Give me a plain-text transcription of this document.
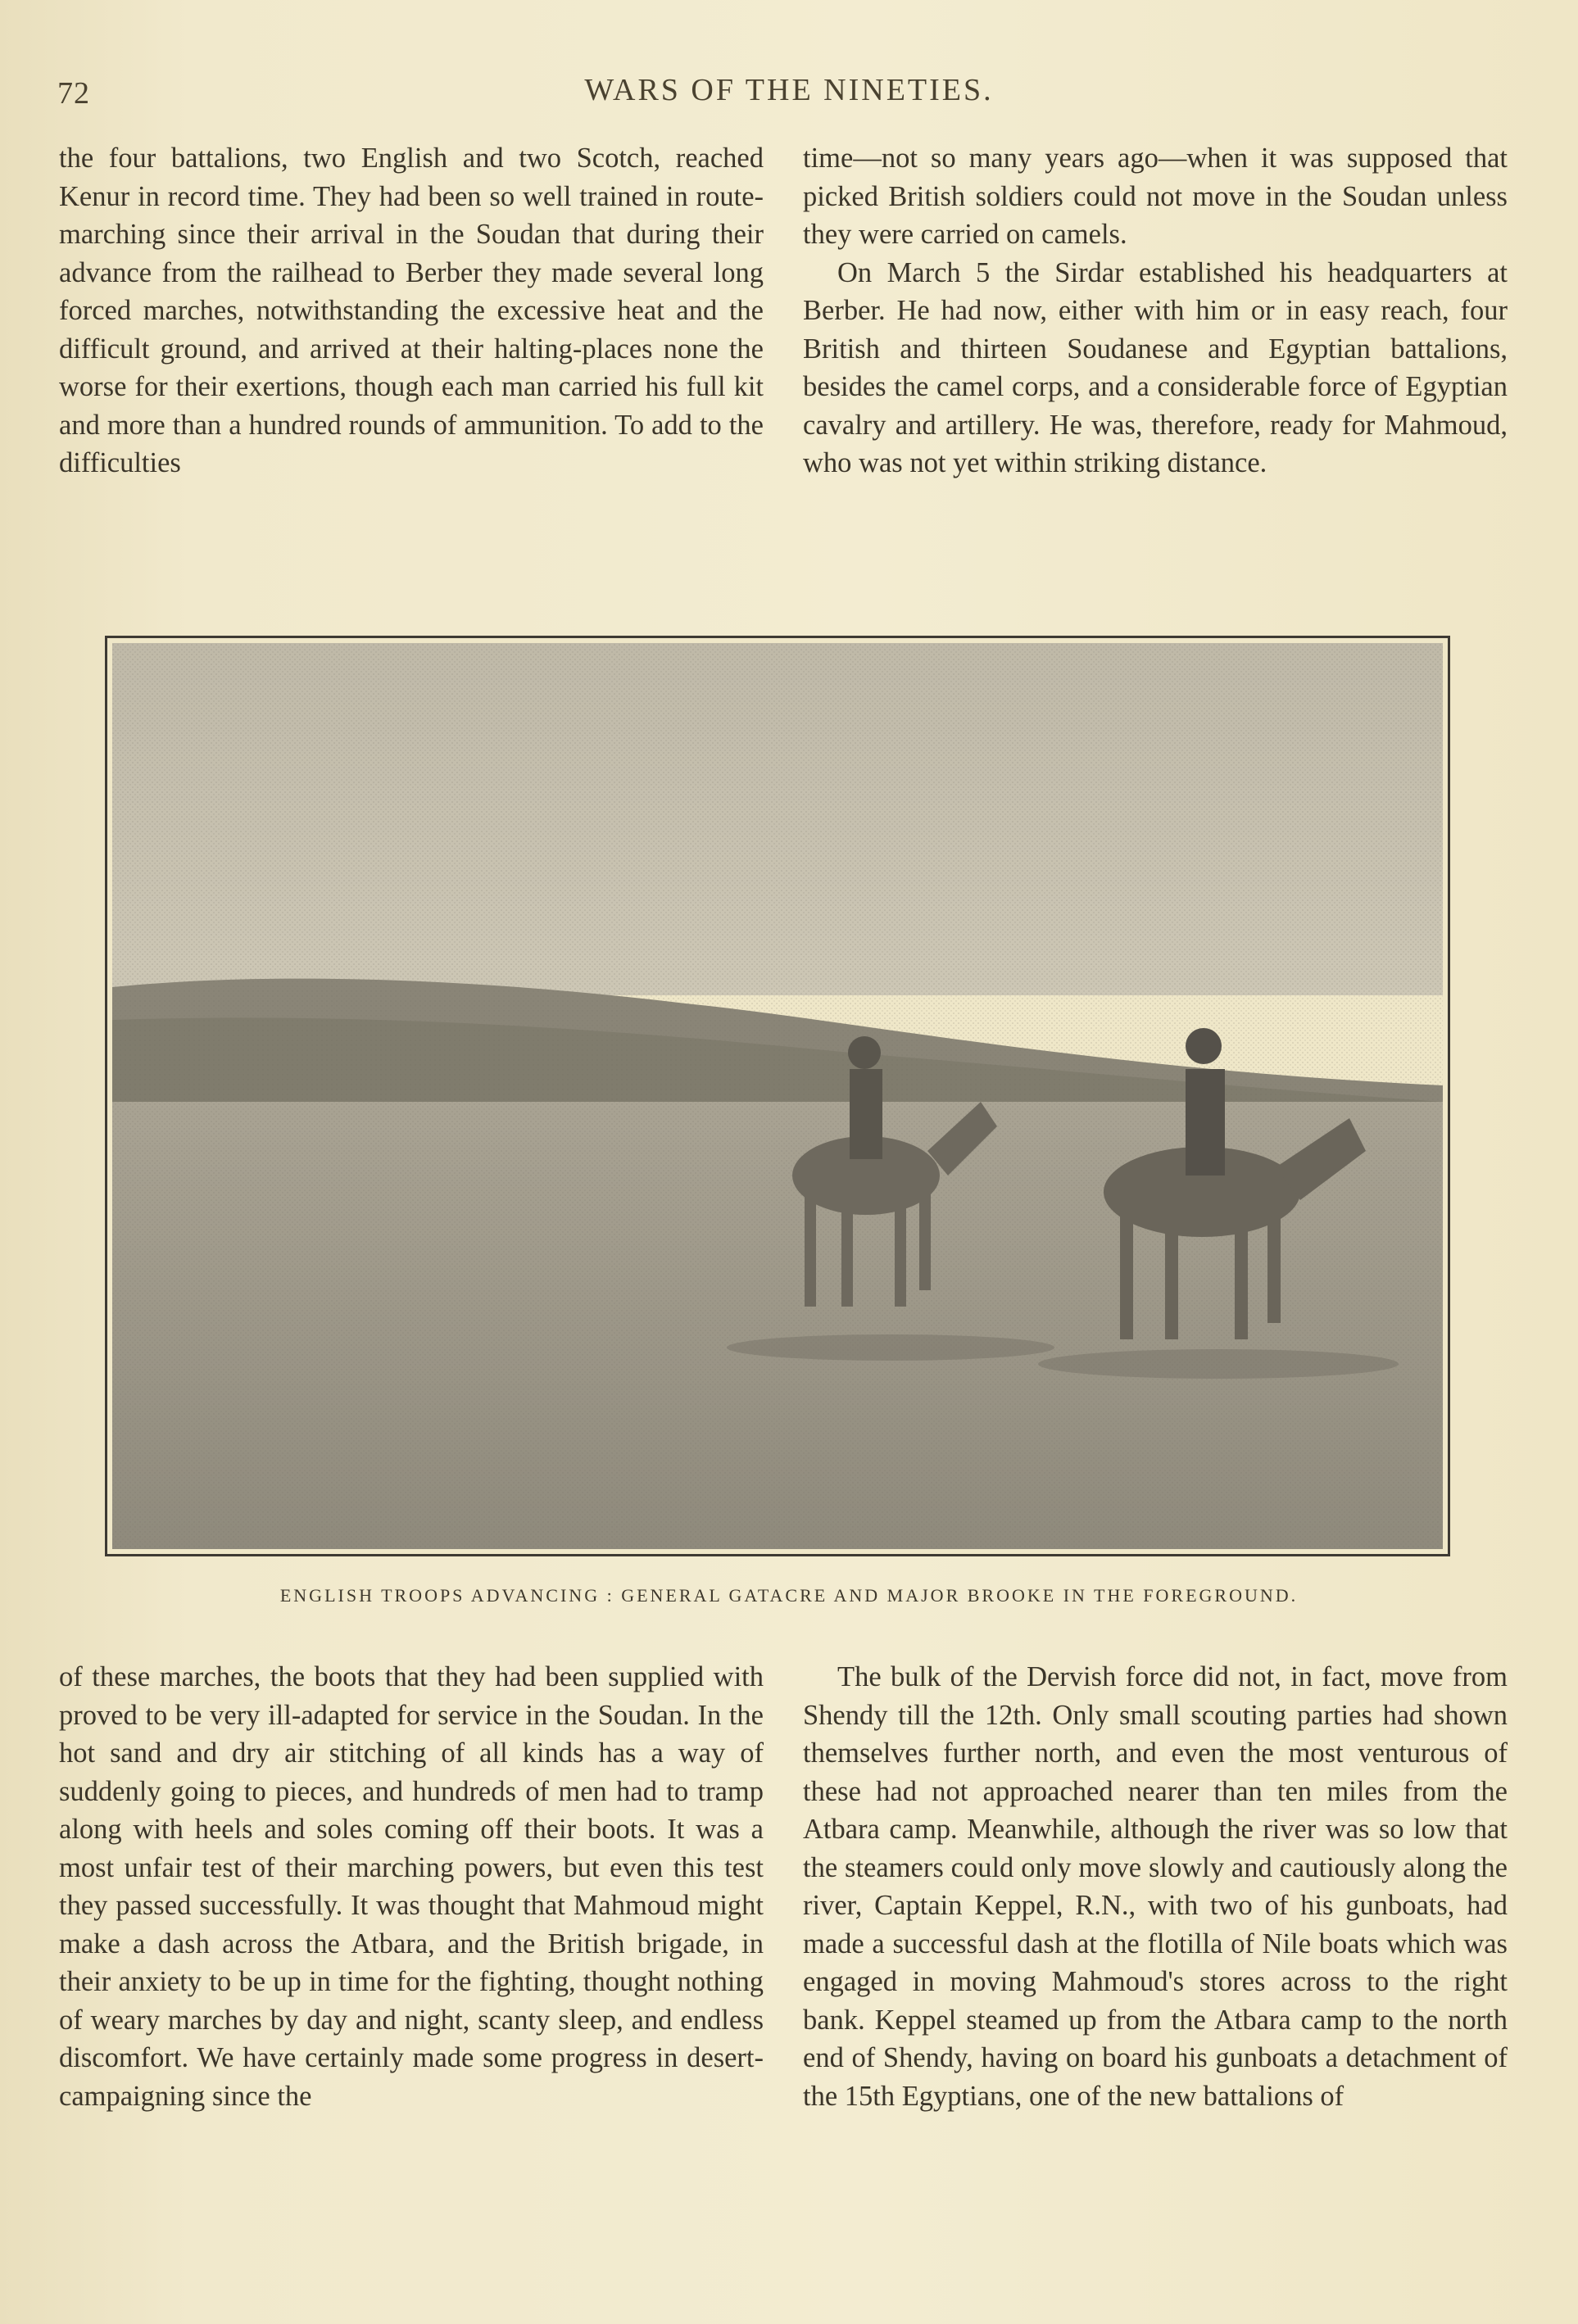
72	WARS OF THE NINETIES.

the four battalions, two English and two Scotch, reached Kenur in record time. They had been so well trained in route-marching since their arrival in the Soudan that during their advance from the railhead to Berber they made several long forced marches, notwithstanding the excessive heat and the difficult ground, and arrived at their halting-places none the worse for their exertions, though each man carried his full kit and more than a hundred rounds of ammunition. To add to the difficulties

time—not so many years ago—when it was supposed that picked British soldiers could not move in the Soudan unless they were carried on camels.

On March 5 the Sirdar established his headquarters at Berber. He had now, either with him or in easy reach, four British and thirteen Soudanese and Egyptian battalions, besides the camel corps, and a considerable force of Egyptian cavalry and artillery. He was, therefore, ready for Mahmoud, who was not yet within striking distance.

ENGLISH TROOPS ADVANCING : GENERAL GATACRE AND MAJOR BROOKE IN THE FOREGROUND.

of these marches, the boots that they had been supplied with proved to be very ill-adapted for service in the Soudan. In the hot sand and dry air stitching of all kinds has a way of suddenly going to pieces, and hundreds of men had to tramp along with heels and soles coming off their boots. It was a most unfair test of their marching powers, but even this test they passed successfully. It was thought that Mahmoud might make a dash across the Atbara, and the British brigade, in their anxiety to be up in time for the fighting, thought nothing of weary marches by day and night, scanty sleep, and endless discomfort. We have certainly made some progress in desert-campaigning since the

The bulk of the Dervish force did not, in fact, move from Shendy till the 12th. Only small scouting parties had shown themselves further north, and even the most venturous of these had not approached nearer than ten miles from the Atbara camp. Meanwhile, although the river was so low that the steamers could only move slowly and cautiously along the river, Captain Keppel, R.N., with two of his gunboats, had made a successful dash at the flotilla of Nile boats which was engaged in moving Mahmoud's stores across to the right bank. Keppel steamed up from the Atbara camp to the north end of Shendy, having on board his gunboats a detachment of the 15th Egyptians, one of the new battalions of
